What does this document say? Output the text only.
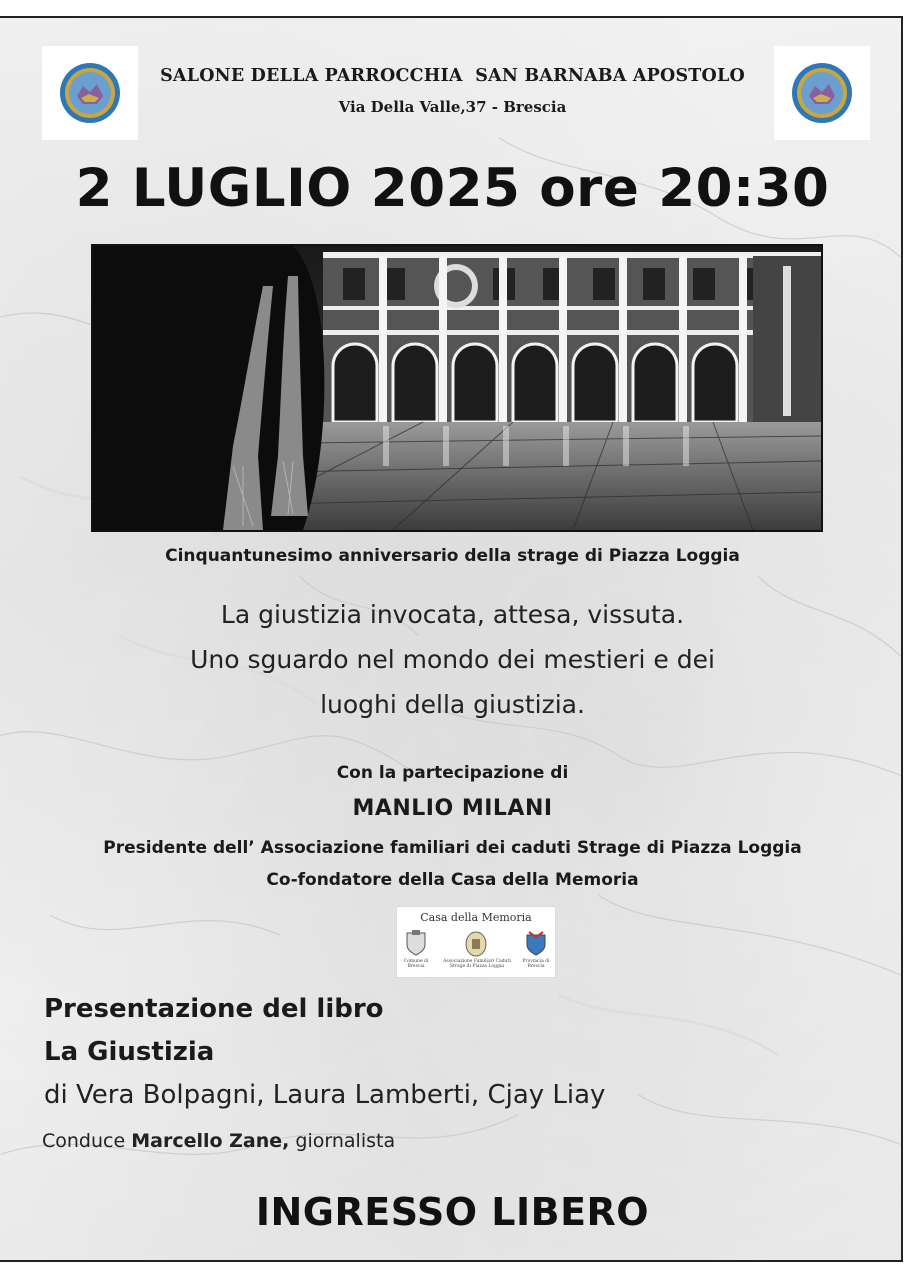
SALONE DELLA PARROCCHIA  SAN BARNABA APOSTOLO
Via Della Valle,37 - Brescia
2 LUGLIO 2025 ore 20:30
Cinquantunesimo anniversario della strage di Piazza Loggia
La giustizia invocata, attesa, vissuta.
Uno sguardo nel mondo dei mestieri e dei
luoghi della giustizia.
Con la partecipazione di
MANLIO MILANI
Presidente dell’ Associazione familiari dei caduti Strage di Piazza Loggia
Co-fondatore della Casa della Memoria
Casa della Memoria
Comune di Brescia
Associazione Familiari Caduti
Strage di Piazza Loggia
Provincia di Brescia
Presentazione del libro
La Giustizia
di Vera Bolpagni, Laura Lamberti, Cjay Liay
Conduce Marcello Zane, giornalista
INGRESSO LIBERO
